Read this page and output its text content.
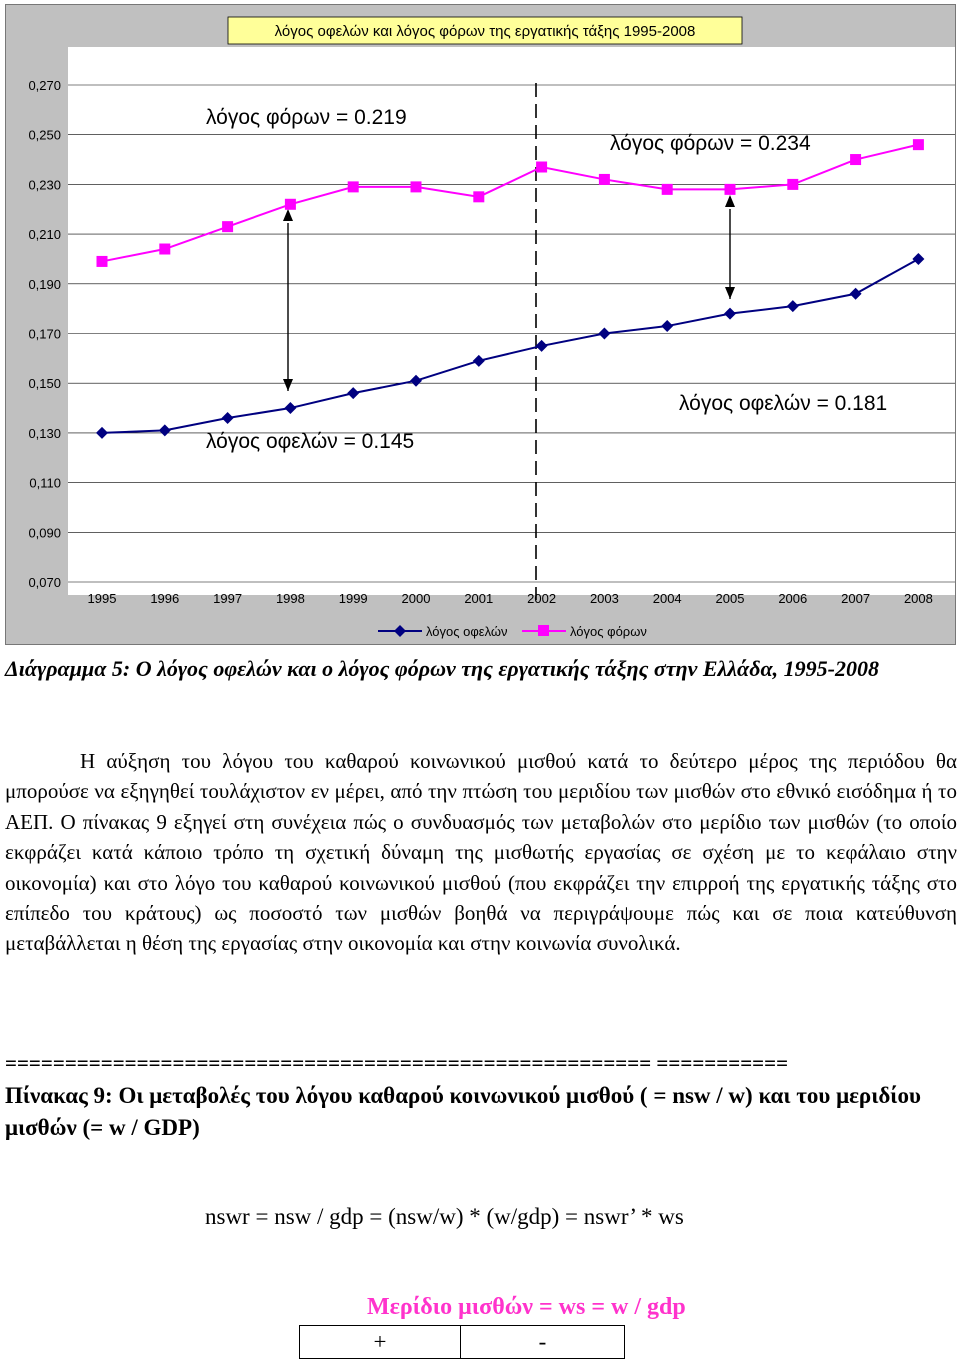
0,270
0,250
0,230
0,210
0,190
0,170
0,150
0,130
0,110
0,090
0,070
1995	1996	1997	1998	1999	2000	2001	2002	2003	2004	2005	2006	2007	2008
λόγος οφελών και λόγος φόρων της εργατικής τάξης 1995-2008
λόγος φόρων = 0.219
λόγος φόρων = 0.234
λόγος οφελών = 0.145
λόγος οφελών = 0.181
λόγος οφελών	λόγος φόρων
Διάγραμμα 5: Ο λόγος οφελών και ο λόγος φόρων της εργατικής τάξης στην Ελλάδα, 1995-2008
Η αύξηση του λόγου του καθαρού κοινωνικού μισθού κατά το δεύτερο μέρος της περιόδου θα μπορούσε να εξηγηθεί τουλάχιστον εν μέρει, από την πτώση του μεριδίου των μισθών στο εθνικό εισόδημα ή το ΑΕΠ. Ο πίνακας 9 εξηγεί στη συνέχεια πώς ο συνδυασμός των μεταβολών στο μερίδιο των μισθών (το οποίο εκφράζει κατά κάποιο τρόπο τη σχετική δύναμη της μισθωτής εργασίας σε σχέση με το κεφάλαιο στην οικονομία) και στο λόγο του καθαρού κοινωνικού μισθού (που εκφράζει την επιρροή της εργατικής τάξης στο επίπεδο του κράτους) ως ποσοστό των μισθών βοηθά να περιγράψουμε πώς και σε ποια κατεύθυνση μεταβάλλεται η θέση της εργασίας στην οικονομία και στην κοινωνία συνολικά.
====================================================== ===========
Πίνακας 9: Οι μεταβολές του λόγου καθαρού κοινωνικού μισθού ( = nsw / w) και του μεριδίου μισθών (= w / GDP)
nswr = nsw / gdp = (nsw/w) * (w/gdp) = nswr’ * ws
Μερίδιο μισθών = ws = w / gdp
	+	-
